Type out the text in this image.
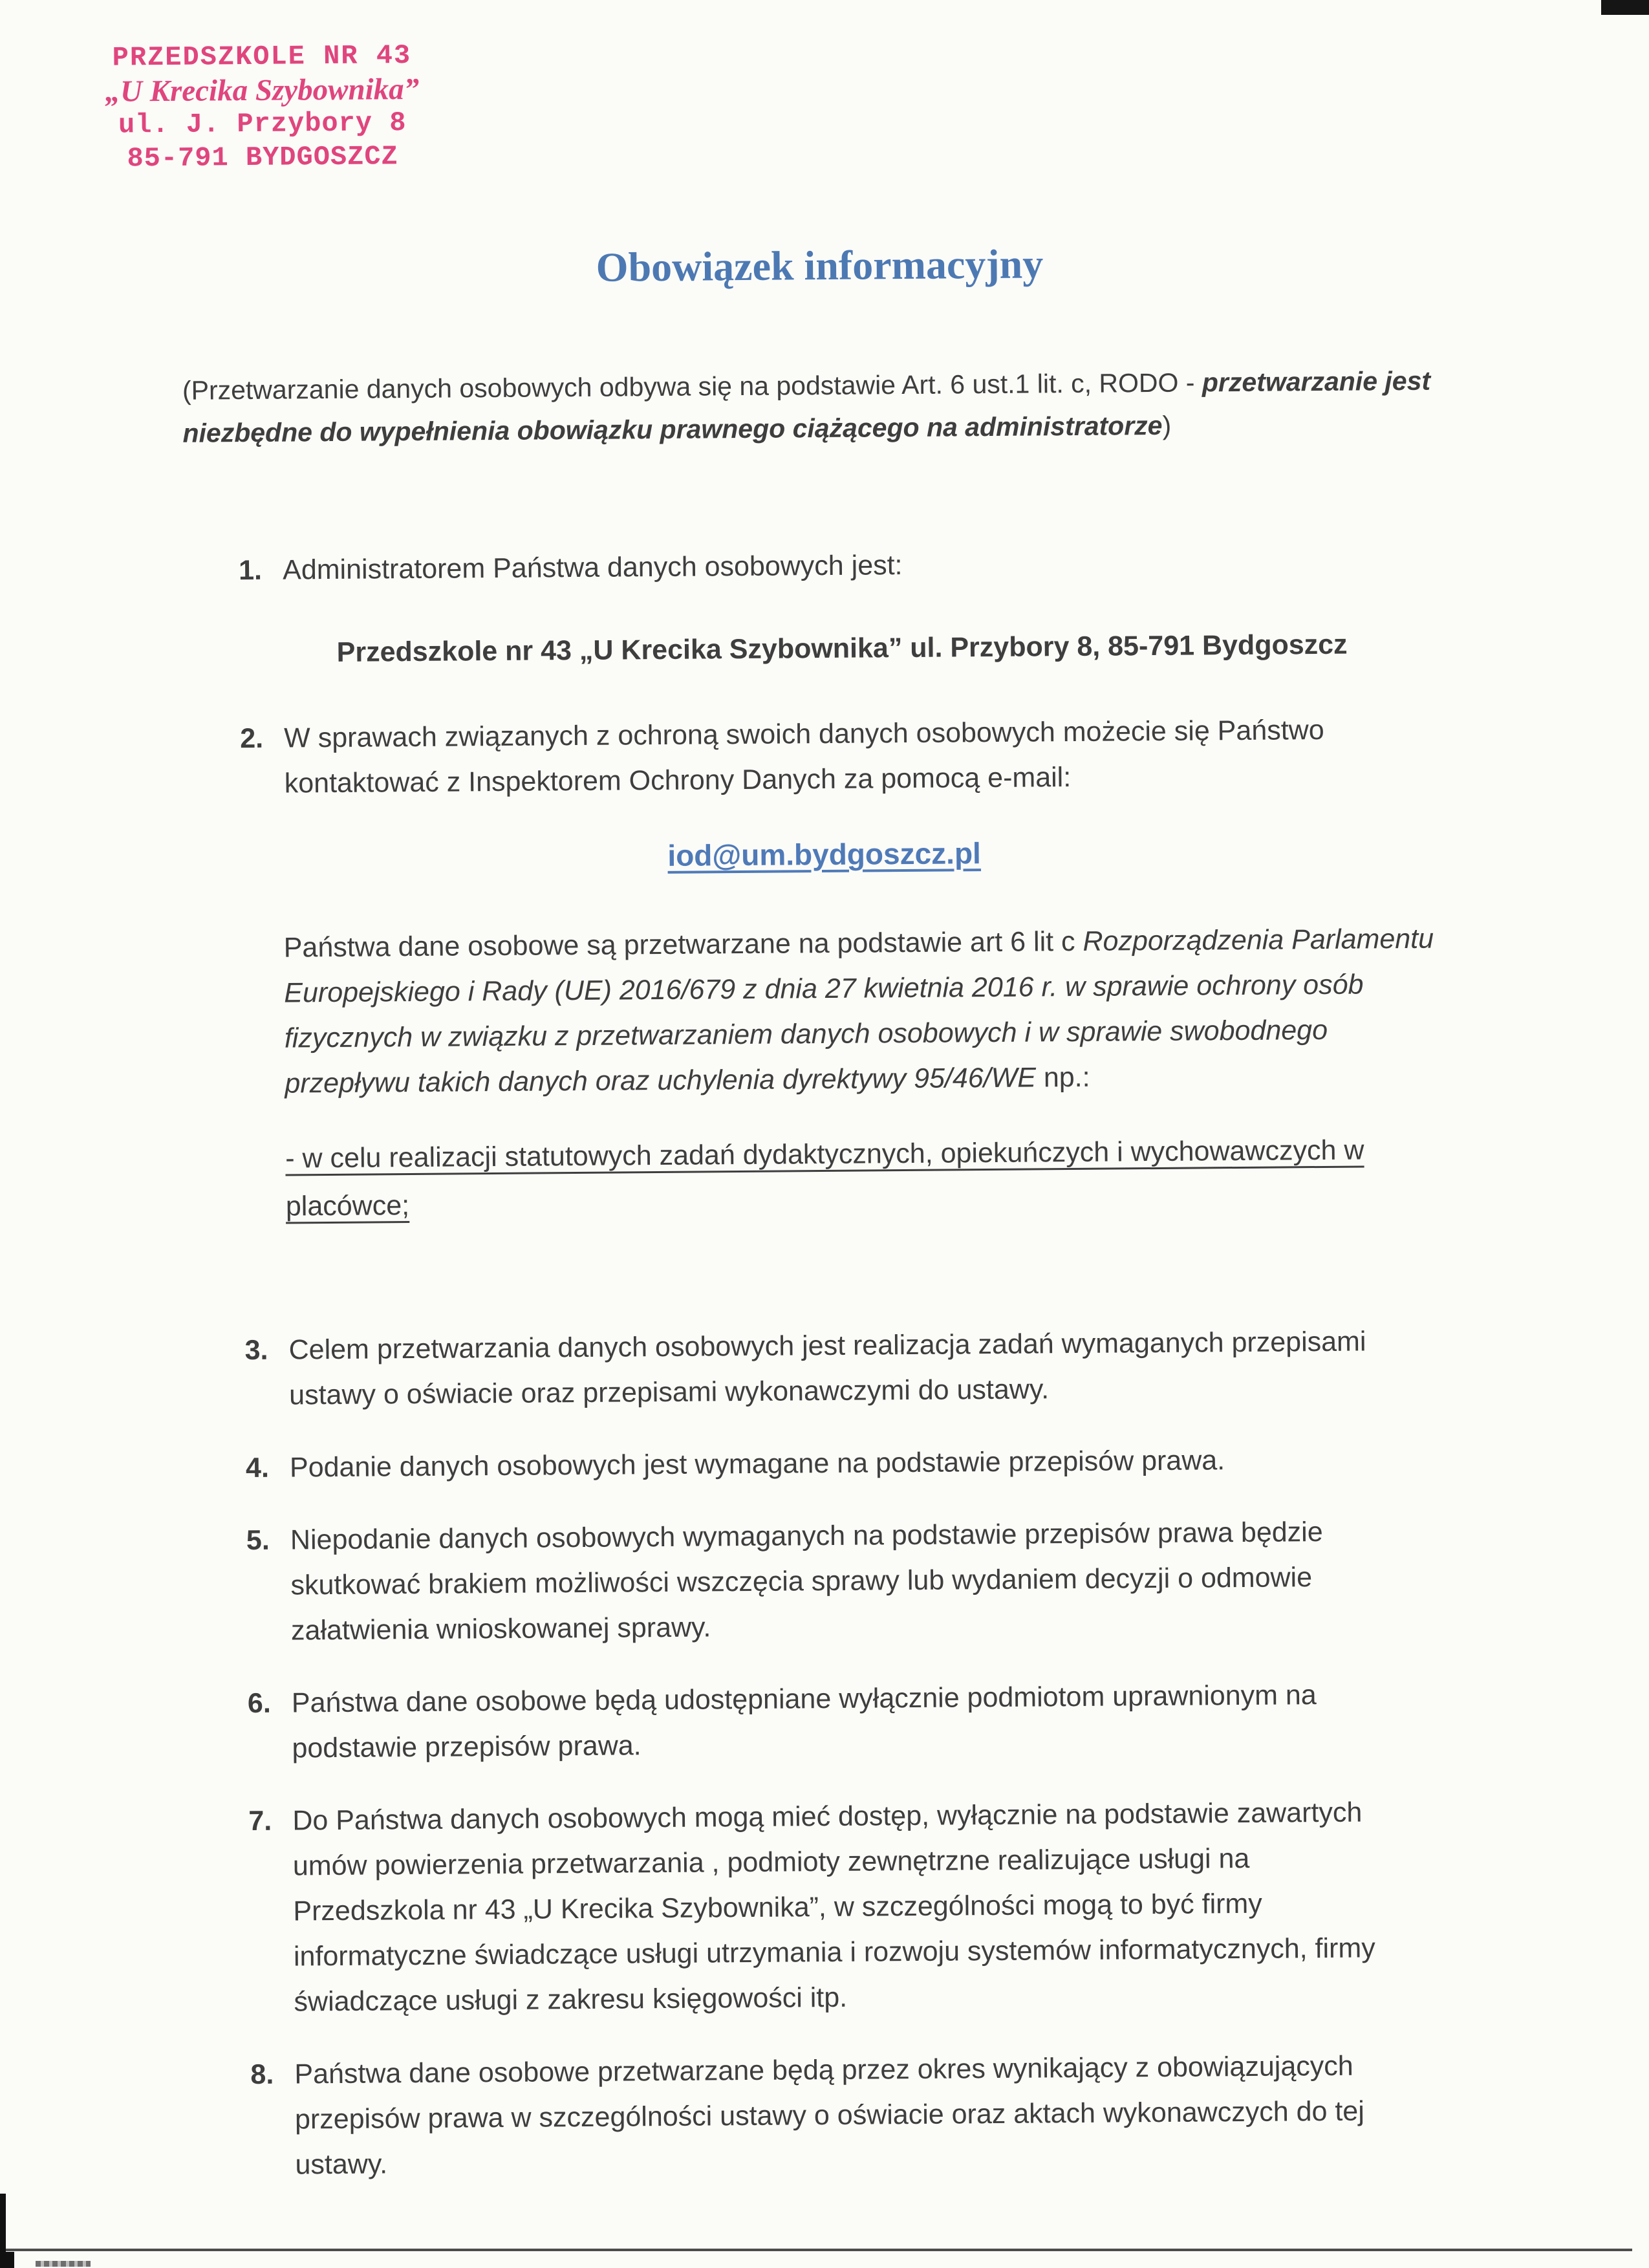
PRZEDSZKOLE NR 43
„U Krecika Szybownika”
ul. J. Przybory 8
85-791 BYDGOSZCZ
Obowiązek informacyjny

(Przetwarzanie danych osobowych odbywa się na podstawie Art. 6 ust.1 lit. c, RODO - przetwarzanie jest niezbędne do wypełnienia obowiązku prawnego ciążącego na administratorze)

1. Administratorem Państwa danych osobowych jest:

Przedszkole nr 43 „U Krecika Szybownika” ul. Przybory 8, 85-791 Bydgoszcz

2. W sprawach związanych z ochroną swoich danych osobowych możecie się Państwo kontaktować z Inspektorem Ochrony Danych za pomocą e-mail:

iod@um.bydgoszcz.pl

Państwa dane osobowe są przetwarzane na podstawie art 6 lit c Rozporządzenia Parlamentu Europejskiego i Rady (UE) 2016/679 z dnia 27 kwietnia 2016 r. w sprawie ochrony osób fizycznych w związku z przetwarzaniem danych osobowych i w sprawie swobodnego przepływu takich danych oraz uchylenia dyrektywy 95/46/WE np.:

- w celu realizacji statutowych zadań dydaktycznych, opiekuńczych i wychowawczych w placówce;

3. Celem przetwarzania danych osobowych jest realizacja zadań wymaganych przepisami ustawy o oświacie oraz przepisami wykonawczymi do ustawy.
4. Podanie danych osobowych jest wymagane na podstawie przepisów prawa.
5. Niepodanie danych osobowych wymaganych na podstawie przepisów prawa będzie skutkować brakiem możliwości wszczęcia sprawy lub wydaniem decyzji o odmowie załatwienia wnioskowanej sprawy.
6. Państwa dane osobowe będą udostępniane wyłącznie podmiotom uprawnionym na podstawie przepisów prawa.
7. Do Państwa danych osobowych mogą mieć dostęp, wyłącznie na podstawie zawartych umów powierzenia przetwarzania , podmioty zewnętrzne realizujące usługi na Przedszkola nr 43 „U Krecika Szybownika”, w szczególności mogą to być firmy informatyczne świadczące usługi utrzymania i rozwoju systemów informatycznych, firmy świadczące usługi z zakresu księgowości itp.
8. Państwa dane osobowe przetwarzane będą przez okres wynikający z obowiązujących przepisów prawa w szczególności ustawy o oświacie oraz aktach wykonawczych do tej ustawy.
